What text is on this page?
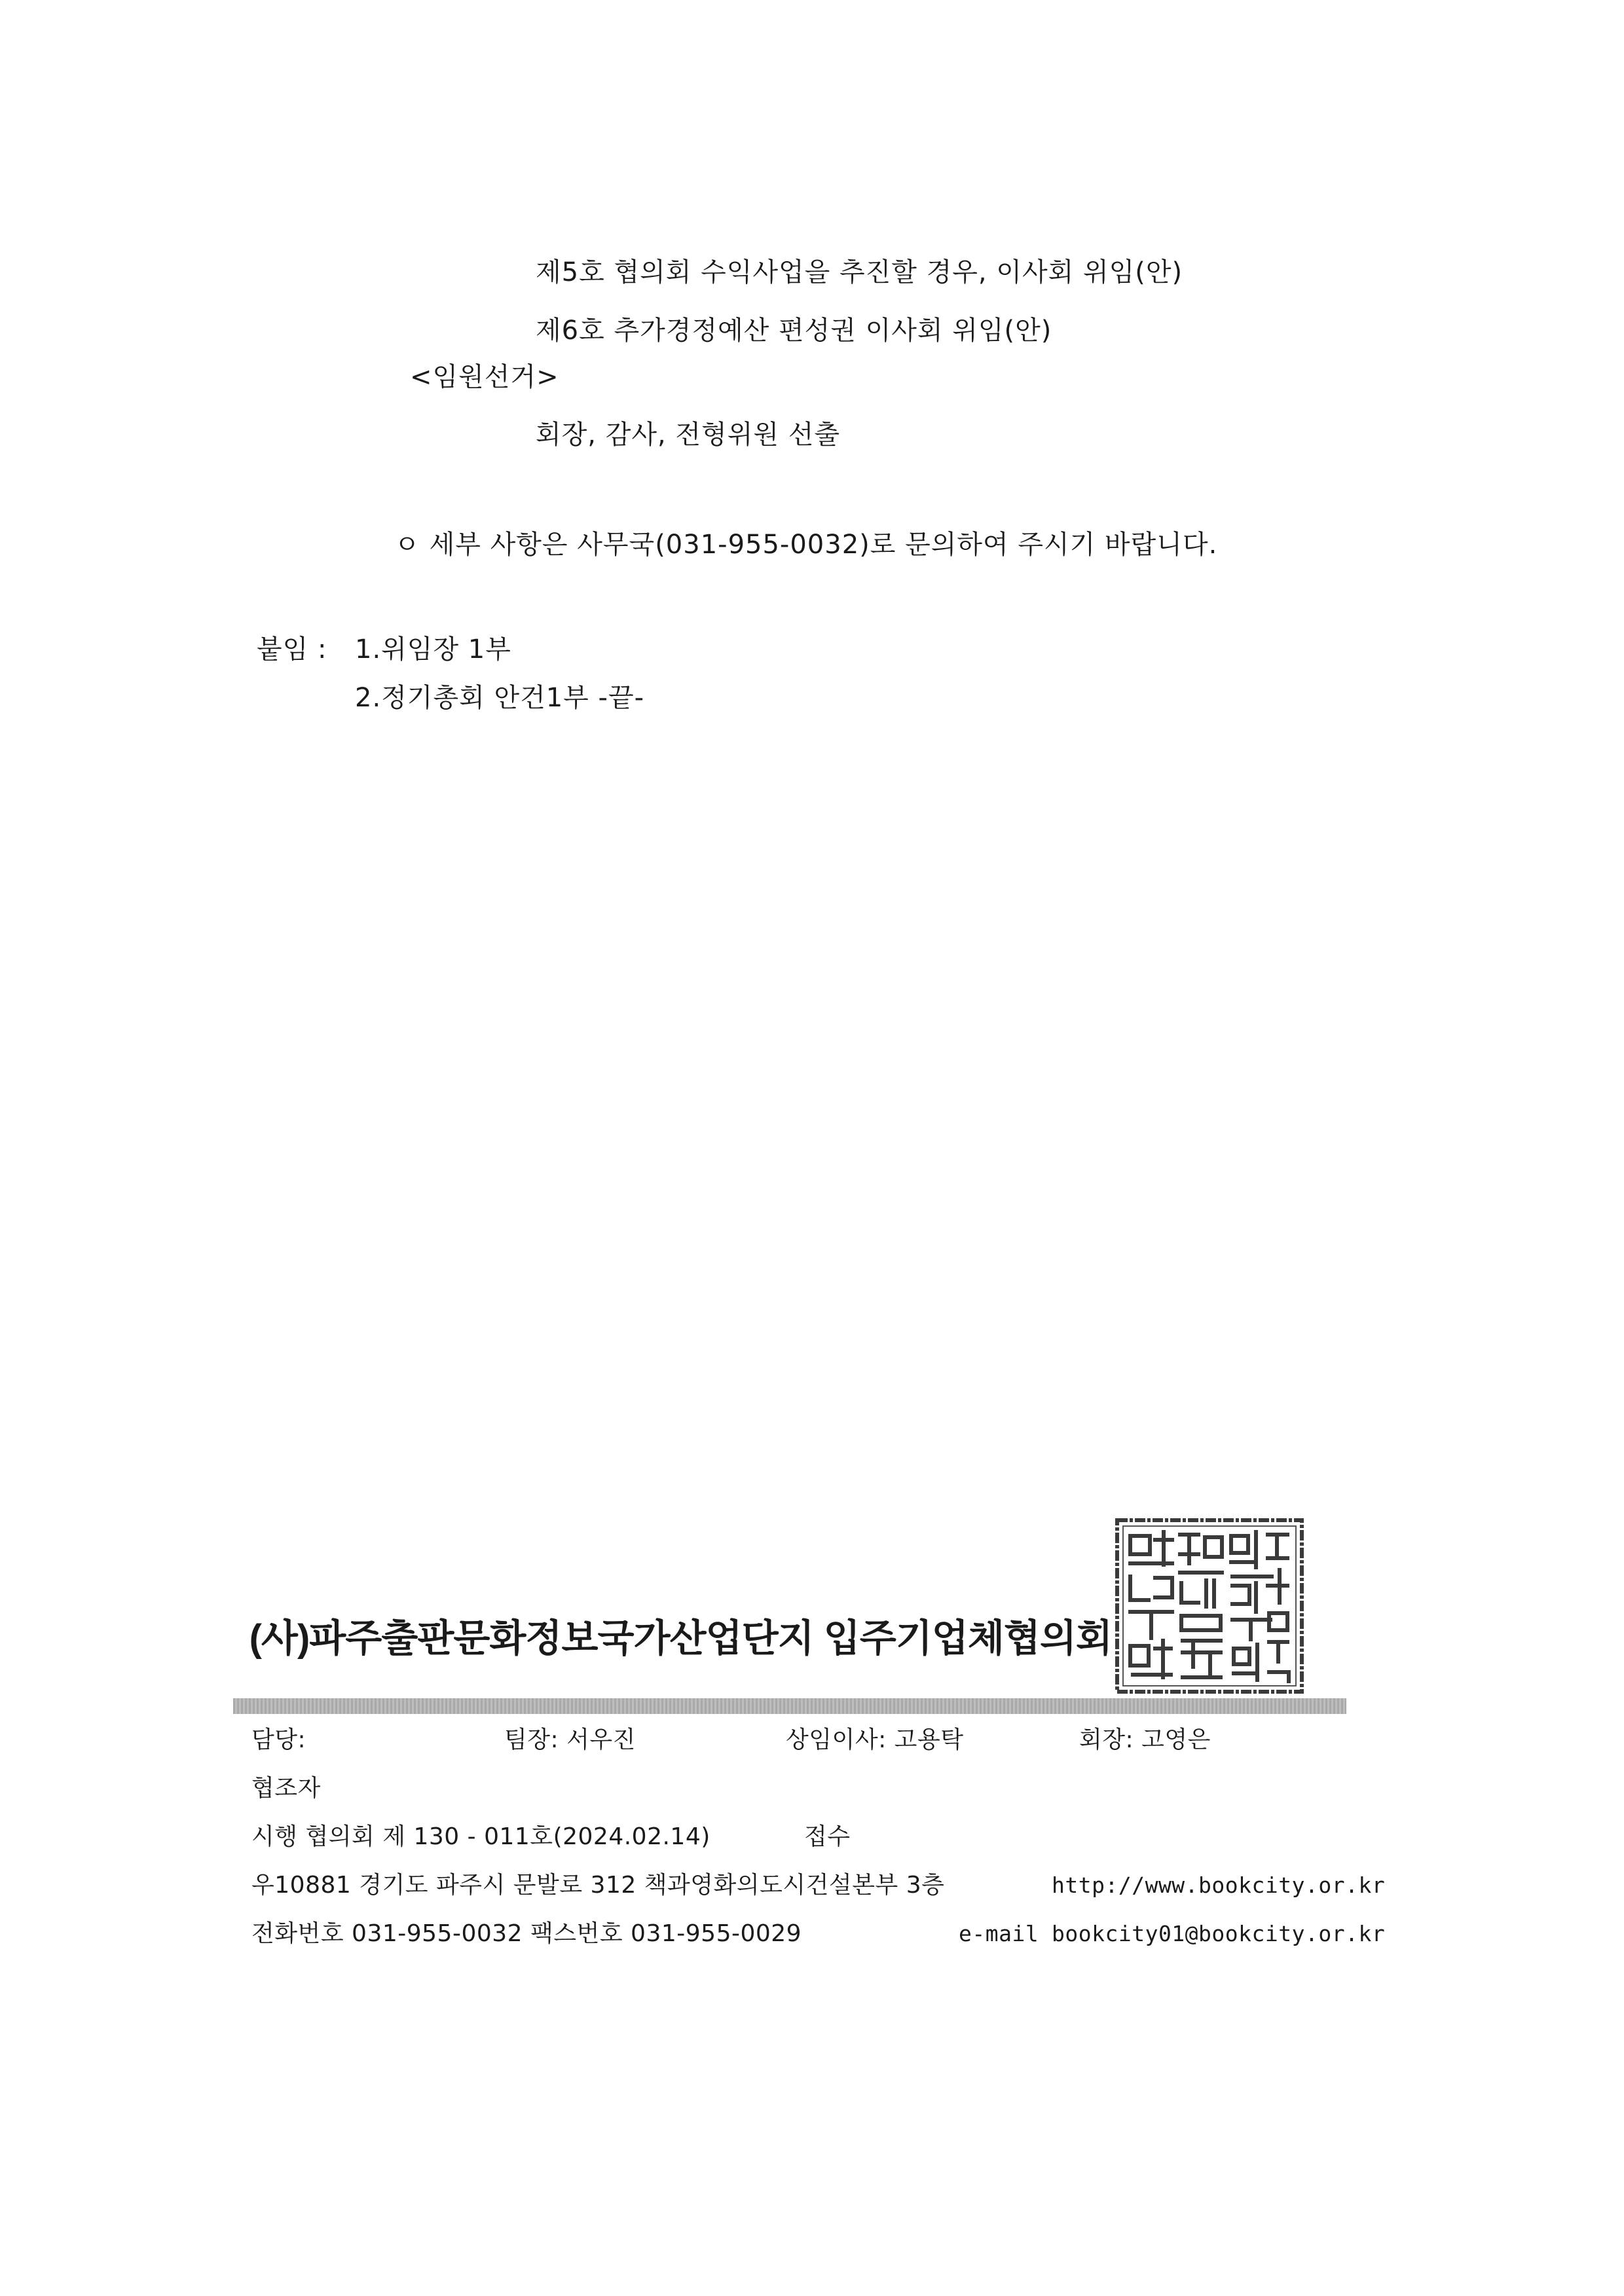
제5호 협의회 수익사업을 추진할 경우, 이사회 위임(안)
제6호 추가경정예산 편성권 이사회 위임(안)
<임원선거>
회장, 감사, 전형위원 선출
ㅇ 세부 사항은 사무국(031-955-0032)로 문의하여 주시기 바랍니다.
붙임 : 1.위임장 1부
2.정기총회 안건1부 -끝-
(사)파주출판문화정보국가산업단지 입주기업체협의회
담당:	팀장: 서우진	상임이사: 고용탁	회장: 고영은
협조자
시행 협의회 제 130 - 011호(2024.02.14)	접수
우10881 경기도 파주시 문발로 312 책과영화의도시건설본부 3층	http://www.bookcity.or.kr
전화번호 031-955-0032 팩스번호 031-955-0029	e-mail bookcity01@bookcity.or.kr
